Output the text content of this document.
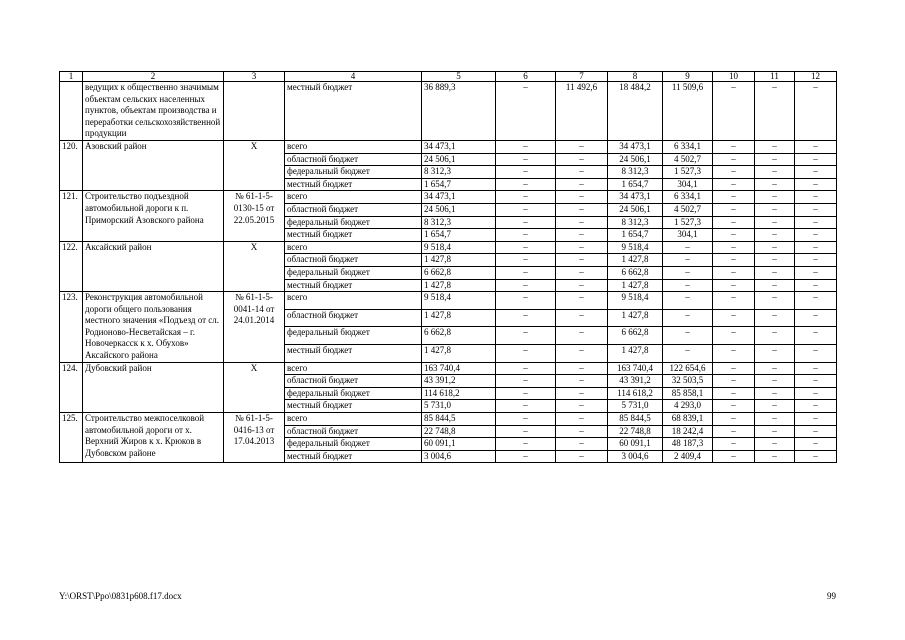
1	2	3	4	5	6	7	8	9	10	11	12
	ведущих к общественно значимым объектам сельских населенных пунктов, объектам производства и переработки сельскохозяйственной продукции		местный бюджет	36 889,3	–	11 492,6	18 484,2	11 509,6	–	–	–
120.	Азовский район	Х	всего	34 473,1	–	–	34 473,1	6 334,1	–	–	–
			областной бюджет	24 506,1	–	–	24 506,1	4 502,7	–	–	–
			федеральный бюджет	8 312,3	–	–	8 312,3	1 527,3	–	–	–
			местный бюджет	1 654,7	–	–	1 654,7	304,1	–	–	–
121.	Строительство подъездной автомобильной дороги к п. Приморский Азовского района	№ 61-1-5-0130-15 от 22.05.2015	всего	34 473,1	–	–	34 473,1	6 334,1	–	–	–
			областной бюджет	24 506,1	–	–	24 506,1	4 502,7	–	–	–
			федеральный бюджет	8 312,3	–	–	8 312,3	1 527,3	–	–	–
			местный бюджет	1 654,7	–	–	1 654,7	304,1	–	–	–
122.	Аксайский район	Х	всего	9 518,4	–	–	9 518,4	–	–	–	–
			областной бюджет	1 427,8	–	–	1 427,8	–	–	–	–
			федеральный бюджет	6 662,8	–	–	6 662,8	–	–	–	–
			местный бюджет	1 427,8	–	–	1 427,8	–	–	–	–
123.	Реконструкция автомобильной дороги общего пользования местного значения «Подъезд от сл. Родионово-Несветайская – г. Новочеркасск к х. Обухов» Аксайского района	№ 61-1-5-0041-14 от 24.01.2014	всего	9 518,4	–	–	9 518,4	–	–	–	–
			областной бюджет	1 427,8	–	–	1 427,8	–	–	–	–
			федеральный бюджет	6 662,8	–	–	6 662,8	–	–	–	–
			местный бюджет	1 427,8	–	–	1 427,8	–	–	–	–
124.	Дубовский район	Х	всего	163 740,4	–	–	163 740,4	122 654,6	–	–	–
			областной бюджет	43 391,2	–	–	43 391,2	32 503,5	–	–	–
			федеральный бюджет	114 618,2	–	–	114 618,2	85 858,1	–	–	–
			местный бюджет	5 731,0	–	–	5 731,0	4 293,0	–	–	–
125.	Строительство межпоселковой автомобильной дороги от х. Верхний Жиров к х. Крюков в Дубовском районе	№ 61-1-5-0416-13 от 17.04.2013	всего	85 844,5	–	–	85 844,5	68 839,1	–	–	–
			областной бюджет	22 748,8	–	–	22 748,8	18 242,4	–	–	–
			федеральный бюджет	60 091,1	–	–	60 091,1	48 187,3	–	–	–
			местный бюджет	3 004,6	–	–	3 004,6	2 409,4	–	–	–
Y:\ORST\Ppo\0831p608.f17.docx	99
